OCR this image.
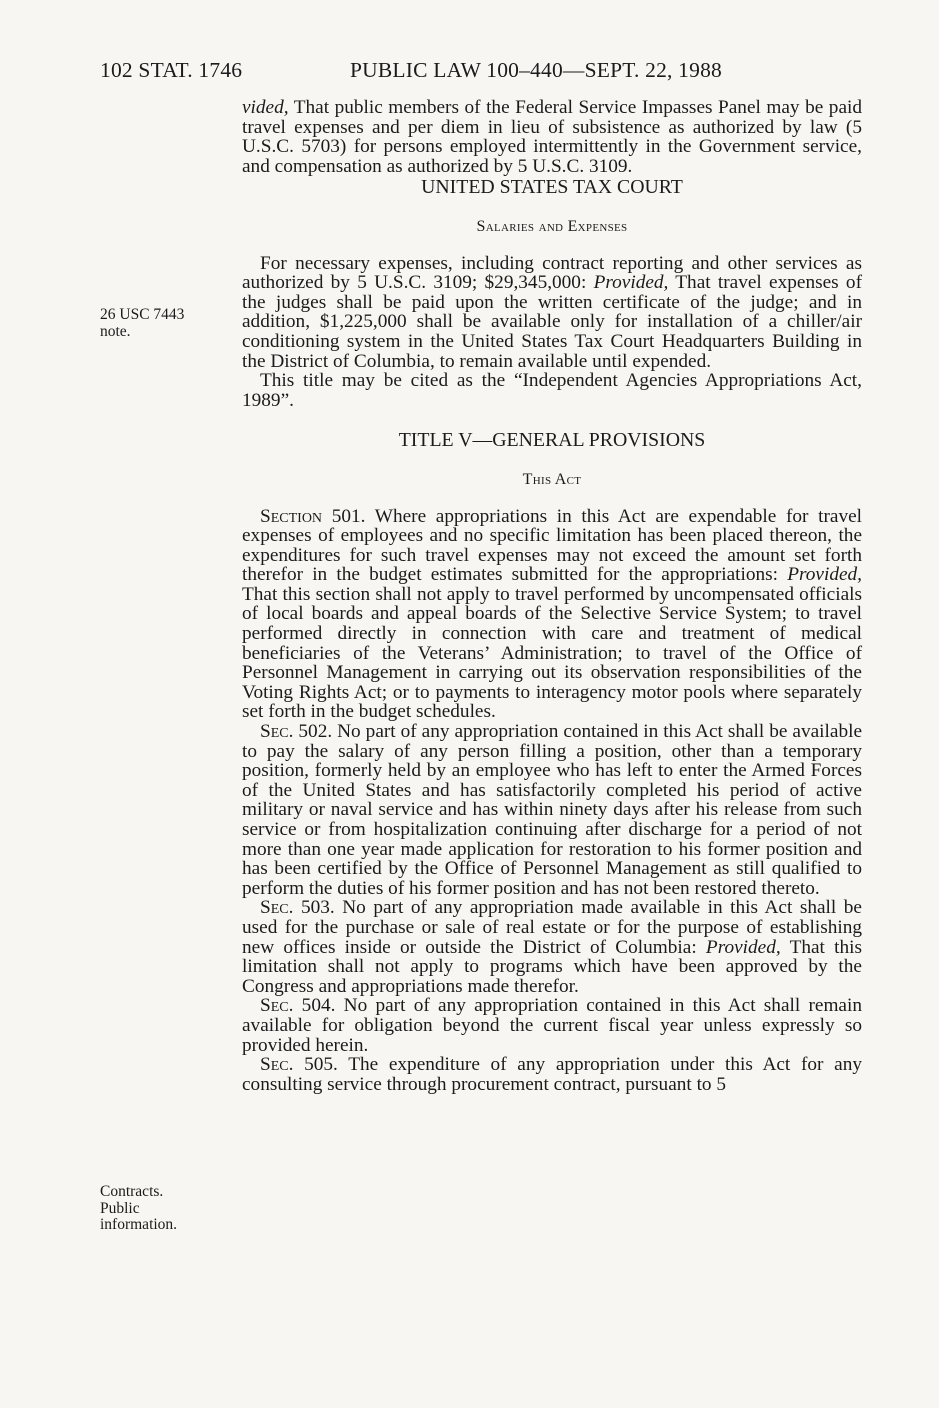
102 STAT. 1746	PUBLIC LAW 100–440—SEPT. 22, 1988
26 USC 7443
note.
Contracts.
Public
information.

vided, That public members of the Federal Service Impasses Panel may be paid travel expenses and per diem in lieu of subsistence as authorized by law (5 U.S.C. 5703) for persons employed intermittently in the Government service, and compensation as authorized by 5 U.S.C. 3109.

UNITED STATES TAX COURT

Salaries and Expenses

For necessary expenses, including contract reporting and other services as authorized by 5 U.S.C. 3109; $29,345,000: Provided, That travel expenses of the judges shall be paid upon the written certificate of the judge; and in addition, $1,225,000 shall be available only for installation of a chiller/air conditioning system in the United States Tax Court Headquarters Building in the District of Columbia, to remain available until expended.

This title may be cited as the “Independent Agencies Appropriations Act, 1989”.

TITLE V—GENERAL PROVISIONS

This Act

Section 501. Where appropriations in this Act are expendable for travel expenses of employees and no specific limitation has been placed thereon, the expenditures for such travel expenses may not exceed the amount set forth therefor in the budget estimates submitted for the appropriations: Provided, That this section shall not apply to travel performed by uncompensated officials of local boards and appeal boards of the Selective Service System; to travel performed directly in connection with care and treatment of medical beneficiaries of the Veterans’ Administration; to travel of the Office of Personnel Management in carrying out its observation responsibilities of the Voting Rights Act; or to payments to interagency motor pools where separately set forth in the budget schedules.

Sec. 502. No part of any appropriation contained in this Act shall be available to pay the salary of any person filling a position, other than a temporary position, formerly held by an employee who has left to enter the Armed Forces of the United States and has satisfactorily completed his period of active military or naval service and has within ninety days after his release from such service or from hospitalization continuing after discharge for a period of not more than one year made application for restoration to his former position and has been certified by the Office of Personnel Management as still qualified to perform the duties of his former position and has not been restored thereto.

Sec. 503. No part of any appropriation made available in this Act shall be used for the purchase or sale of real estate or for the purpose of establishing new offices inside or outside the District of Columbia: Provided, That this limitation shall not apply to programs which have been approved by the Congress and appropriations made therefor.

Sec. 504. No part of any appropriation contained in this Act shall remain available for obligation beyond the current fiscal year unless expressly so provided herein.

Sec. 505. The expenditure of any appropriation under this Act for any consulting service through procurement contract, pursuant to 5
